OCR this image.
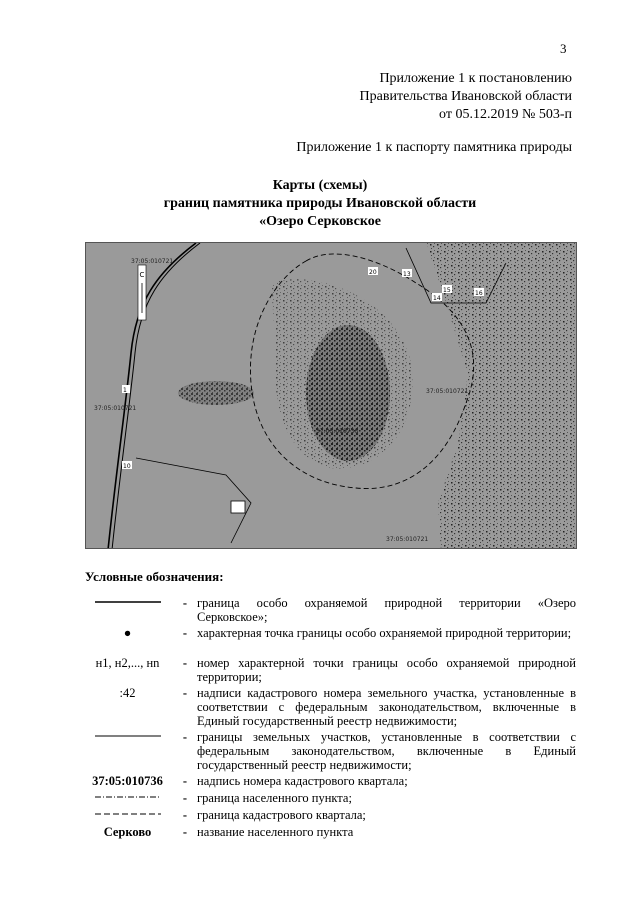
3
Приложение 1 к постановлению
Правительства Ивановской области
от 05.12.2019 № 503-п
Приложение 1 к паспорту памятника природы
Карты (схемы)
границ памятника природы Ивановской области
«Озеро Серковское
С
37:05:010721
37:05:010721
37:05:010736
37:05:010721
37:05:010721
1
10
20	13
14
15	16
Условные обозначения:
- граница особо охраняемой природной территории «Озеро Серковское»;
●	- характерная точка границы особо охраняемой природной территории;
н1, н2,..., нn	- номер характерной точки границы особо охраняемой природной территории;
:42	- надписи кадастрового номера земельного участка, установленные в соответствии с федеральным законодательством, включенные в Единый государственный реестр недвижимости;
- границы земельных участков, установленные в соответствии с федеральным законодательством, включенные в Единый государственный реестр недвижимости;
37:05:010736	- надпись номера кадастрового квартала;
- граница населенного пункта;
- граница кадастрового квартала;
Серково	- название населенного пункта
